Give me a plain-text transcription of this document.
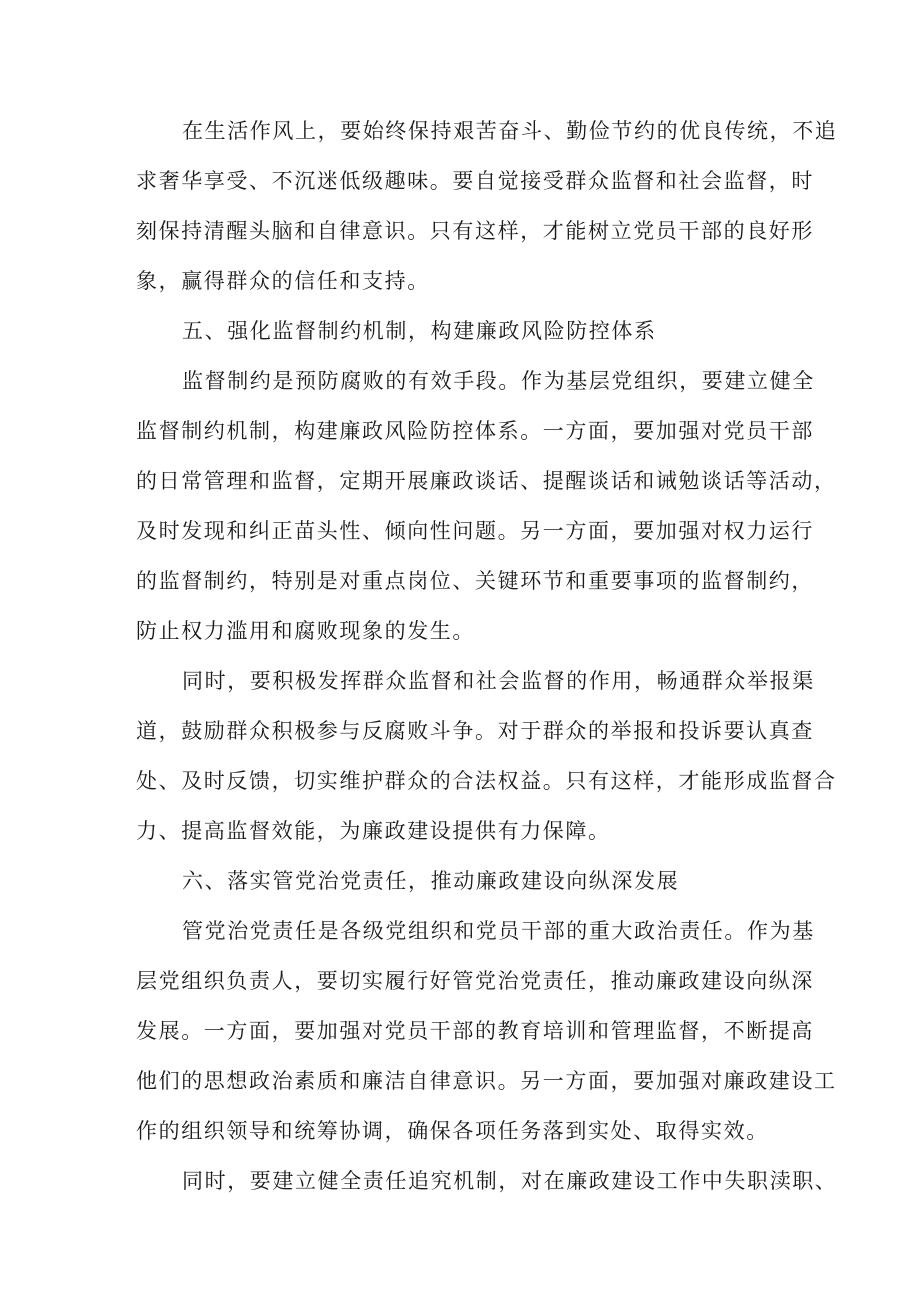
在生活作风上，要始终保持艰苦奋斗、勤俭节约的优良传统，不追
求奢华享受、不沉迷低级趣味。要自觉接受群众监督和社会监督，时
刻保持清醒头脑和自律意识。只有这样，才能树立党员干部的良好形
象，赢得群众的信任和支持。
五、强化监督制约机制，构建廉政风险防控体系
监督制约是预防腐败的有效手段。作为基层党组织，要建立健全
监督制约机制，构建廉政风险防控体系。一方面，要加强对党员干部
的日常管理和监督，定期开展廉政谈话、提醒谈话和诫勉谈话等活动，
及时发现和纠正苗头性、倾向性问题。另一方面，要加强对权力运行
的监督制约，特别是对重点岗位、关键环节和重要事项的监督制约，
防止权力滥用和腐败现象的发生。
同时，要积极发挥群众监督和社会监督的作用，畅通群众举报渠
道，鼓励群众积极参与反腐败斗争。对于群众的举报和投诉要认真查
处、及时反馈，切实维护群众的合法权益。只有这样，才能形成监督合
力、提高监督效能，为廉政建设提供有力保障。
六、落实管党治党责任，推动廉政建设向纵深发展
管党治党责任是各级党组织和党员干部的重大政治责任。作为基
层党组织负责人，要切实履行好管党治党责任，推动廉政建设向纵深
发展。一方面，要加强对党员干部的教育培训和管理监督，不断提高
他们的思想政治素质和廉洁自律意识。另一方面，要加强对廉政建设工
作的组织领导和统筹协调，确保各项任务落到实处、取得实效。
同时，要建立健全责任追究机制，对在廉政建设工作中失职渎职、
